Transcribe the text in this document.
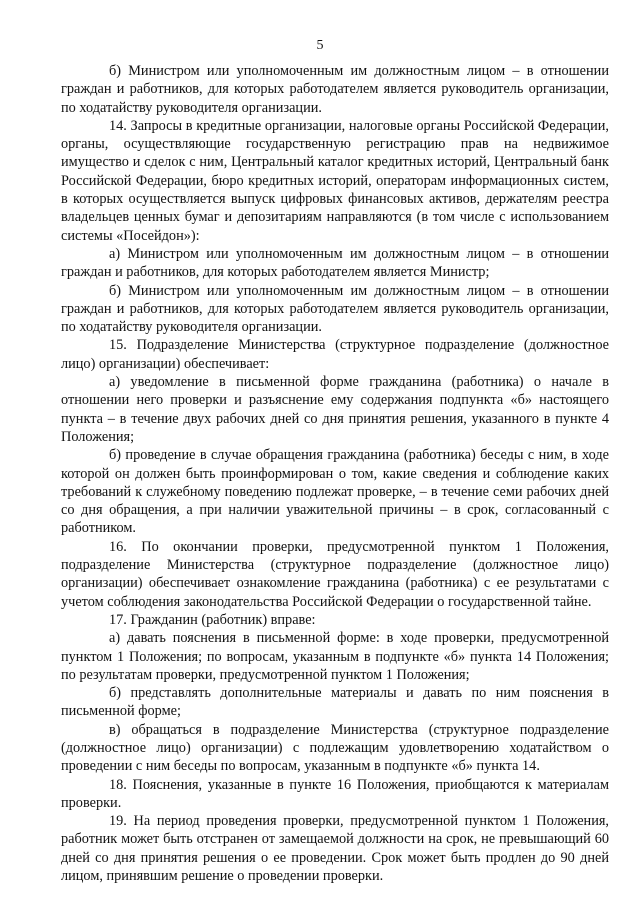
5

б) Министром или уполномоченным им должностным лицом – в отношении граждан и работников, для которых работодателем является руководитель организации, по ходатайству руководителя организации.

14. Запросы в кредитные организации, налоговые органы Российской Федерации, органы, осуществляющие государственную регистрацию прав на недвижимое имущество и сделок с ним, Центральный каталог кредитных историй, Центральный банк Российской Федерации, бюро кредитных историй, операторам информационных систем, в которых осуществляется выпуск цифровых финансовых активов, держателям реестра владельцев ценных бумаг и депозитариям направляются (в том числе с использованием системы «Посейдон»):

а) Министром или уполномоченным им должностным лицом – в отношении граждан и работников, для которых работодателем является Министр;

б) Министром или уполномоченным им должностным лицом – в отношении граждан и работников, для которых работодателем является руководитель организации, по ходатайству руководителя организации.

15. Подразделение Министерства (структурное подразделение (должностное лицо) организации) обеспечивает:

а) уведомление в письменной форме гражданина (работника) о начале в отношении него проверки и разъяснение ему содержания подпункта «б» настоящего пункта – в течение двух рабочих дней со дня принятия решения, указанного в пункте 4 Положения;

б) проведение в случае обращения гражданина (работника) беседы с ним, в ходе которой он должен быть проинформирован о том, какие сведения и соблюдение каких требований к служебному поведению подлежат проверке, – в течение семи рабочих дней со дня обращения, а при наличии уважительной причины – в срок, согласованный с работником.

16. По окончании проверки, предусмотренной пунктом 1 Положения, подразделение Министерства (структурное подразделение (должностное лицо) организации) обеспечивает ознакомление гражданина (работника) с ее результатами с учетом соблюдения законодательства Российской Федерации о государственной тайне.

17. Гражданин (работник) вправе:

а) давать пояснения в письменной форме: в ходе проверки, предусмотренной пунктом 1 Положения; по вопросам, указанным в подпункте «б» пункта 14 Положения; по результатам проверки, предусмотренной пунктом 1 Положения;

б) представлять дополнительные материалы и давать по ним пояснения в письменной форме;

в) обращаться в подразделение Министерства (структурное подразделение (должностное лицо) организации) с подлежащим удовлетворению ходатайством о проведении с ним беседы по вопросам, указанным в подпункте «б» пункта 14.

18. Пояснения, указанные в пункте 16 Положения, приобщаются к материалам проверки.

19. На период проведения проверки, предусмотренной пунктом 1 Положения, работник может быть отстранен от замещаемой должности на срок, не превышающий 60 дней со дня принятия решения о ее проведении. Срок может быть продлен до 90 дней лицом, принявшим решение о проведении проверки.
